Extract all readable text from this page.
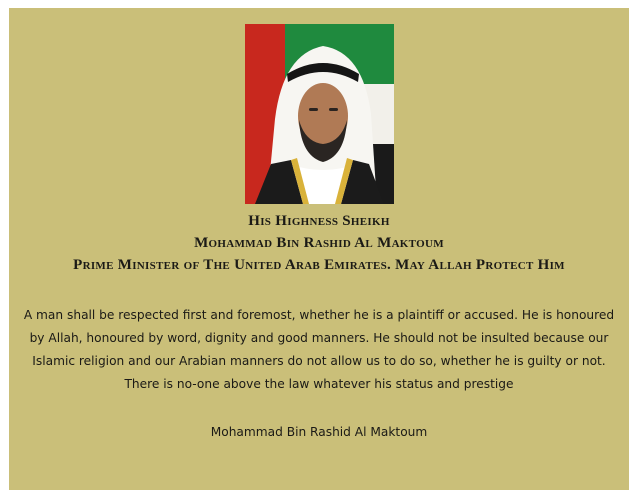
His Highness Sheikh
Mohammad Bin Rashid Al Maktoum
Prime Minister of The United Arab Emirates. May Allah Protect Him
A man shall be respected first and foremost, whether he is a plaintiff or accused. He is honoured
by Allah, honoured by word, dignity and good manners. He should not be insulted because our
Islamic religion and our Arabian manners do not allow us to do so, whether he is guilty or not.
There is no-one above the law whatever his status and prestige
Mohammad Bin Rashid Al Maktoum
